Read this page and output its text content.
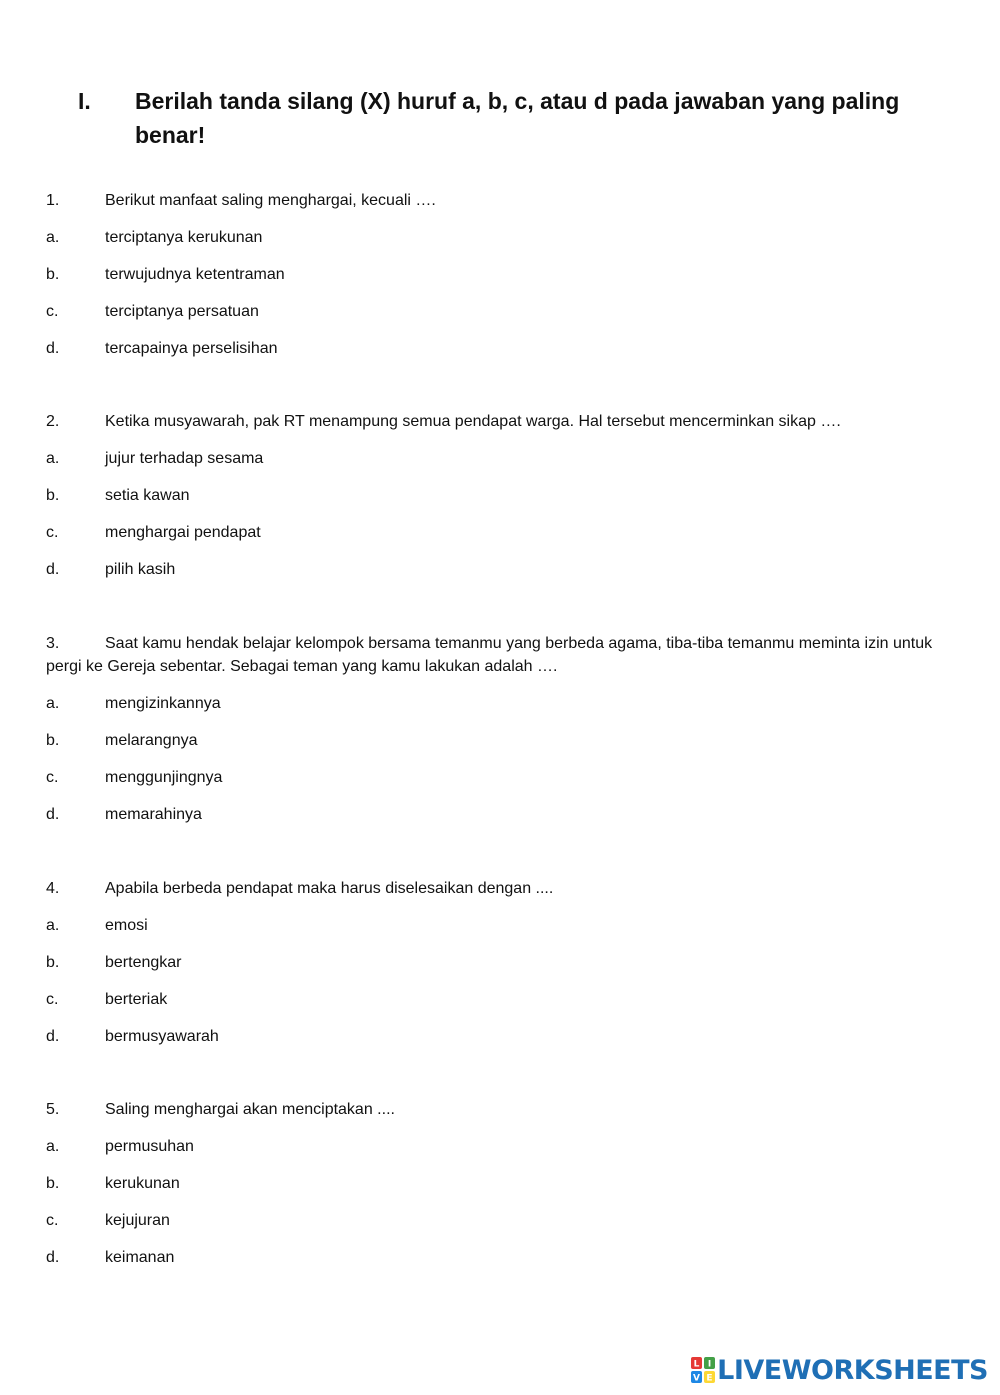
I. Berilah tanda silang (X) huruf a, b, c, atau d pada jawaban yang paling benar!
1.	Berikut manfaat saling menghargai, kecuali ….
a.	terciptanya kerukunan
b.	terwujudnya ketentraman
c.	terciptanya persatuan
d.	tercapainya perselisihan
2.	Ketika musyawarah, pak RT menampung semua pendapat warga. Hal tersebut mencerminkan sikap ….
a.	jujur terhadap sesama
b.	setia kawan
c.	menghargai pendapat
d.	pilih kasih
3.	Saat kamu hendak belajar kelompok bersama temanmu yang berbeda agama, tiba-tiba temanmu meminta izin untuk pergi ke Gereja sebentar. Sebagai teman yang kamu lakukan adalah ….
a.	mengizinkannya
b.	melarangnya
c.	menggunjingnya
d.	memarahinya
4.	Apabila berbeda pendapat maka harus diselesaikan dengan ....
a.	emosi
b.	bertengkar
c.	berteriak
d.	bermusyawarah
5.	Saling menghargai akan menciptakan ....
a.	permusuhan
b.	kerukunan
c.	kejujuran
d.	keimanan
L I
V E LIVEWORKSHEETS
